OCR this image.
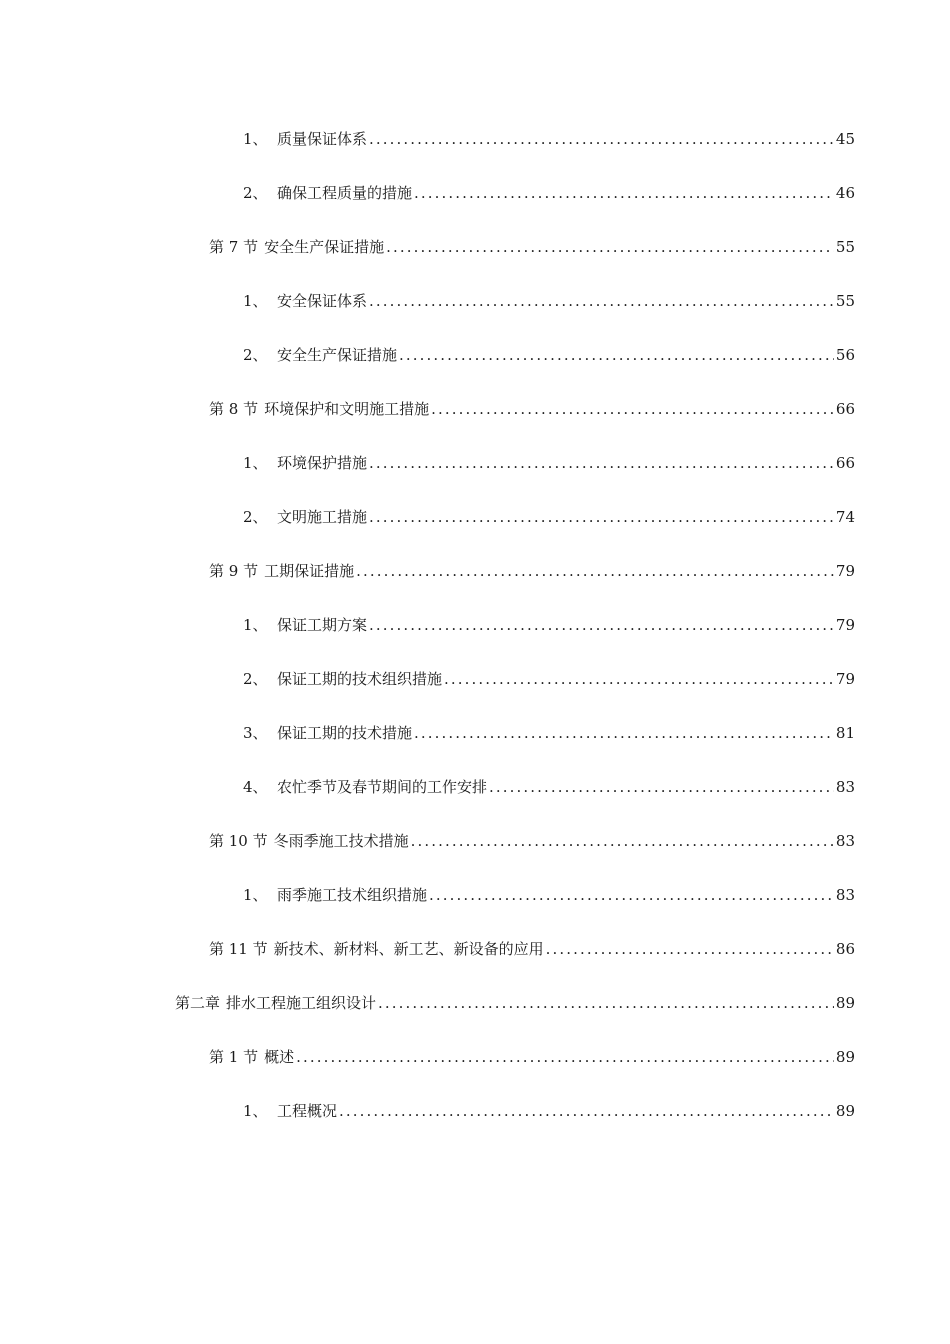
1、 质量保证体系 .....	45
2、 确保工程质量的措施 .....	46
第 7 节 安全生产保证措施 .....	55
1、 安全保证体系 .....	55
2、 安全生产保证措施 .....	56
第 8 节 环境保护和文明施工措施 .....	66
1、 环境保护措施 .....	66
2、 文明施工措施 .....	74
第 9 节 工期保证措施 .....	79
1、 保证工期方案 .....	79
2、 保证工期的技术组织措施 .....	79
3、 保证工期的技术措施 .....	81
4、 农忙季节及春节期间的工作安排 .....	83
第 10 节 冬雨季施工技术措施 .....	83
1、 雨季施工技术组织措施 .....	83
第 11 节 新技术、新材料、新工艺、新设备的应用 .....	86
第二章 排水工程施工组织设计 .....	89
第 1 节 概述 .....	89
1、 工程概况 .....	89
